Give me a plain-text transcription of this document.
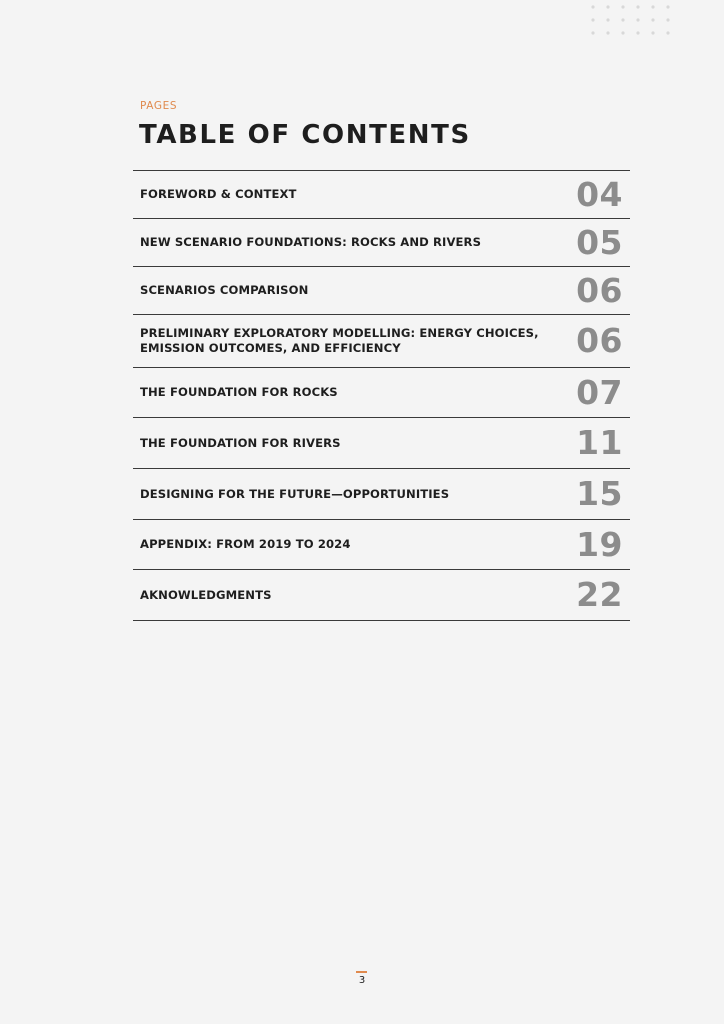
PAGES
TABLE OF CONTENTS
FOREWORD & CONTEXT	04
NEW SCENARIO FOUNDATIONS: ROCKS AND RIVERS	05
SCENARIOS COMPARISON	06
PRELIMINARY EXPLORATORY MODELLING: ENERGY CHOICES, EMISSION OUTCOMES, AND EFFICIENCY	06
THE FOUNDATION FOR ROCKS	07
THE FOUNDATION FOR RIVERS	11
DESIGNING FOR THE FUTURE—OPPORTUNITIES	15
APPENDIX: FROM 2019 TO 2024	19
AKNOWLEDGMENTS	22
3
